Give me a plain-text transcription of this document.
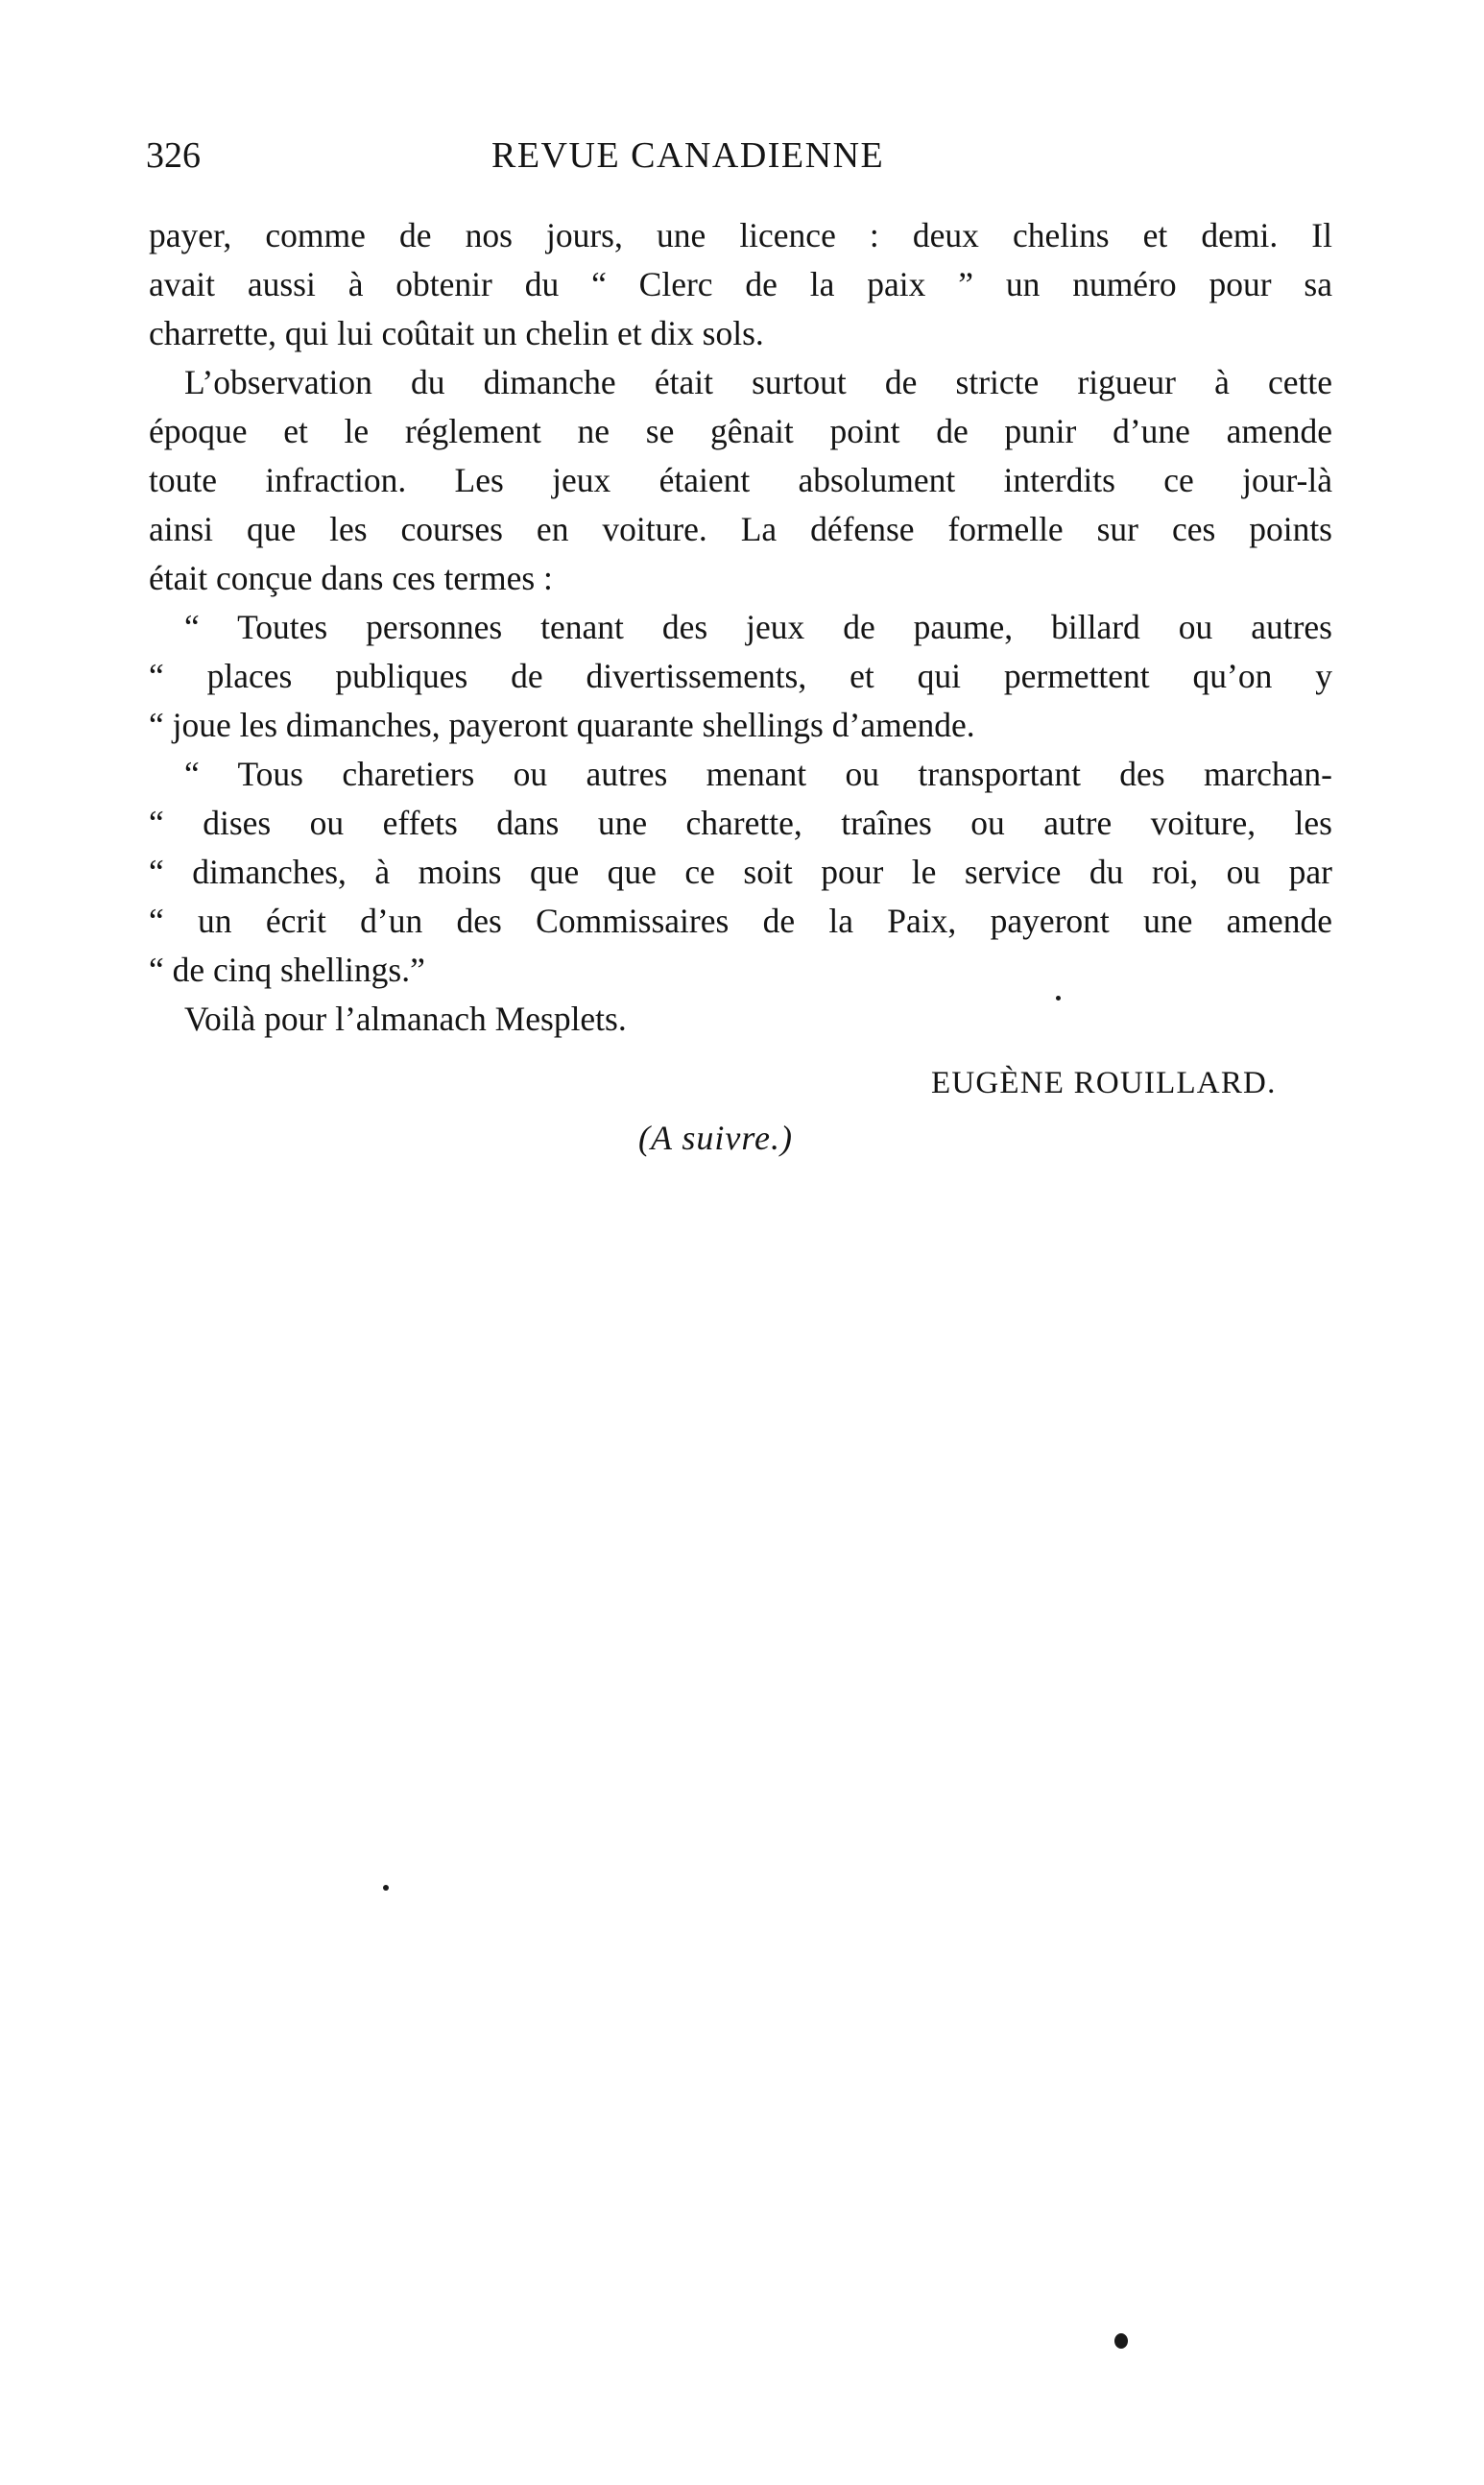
326	REVUE CANADIENNE
payer, comme de nos jours, une licence : deux chelins et demi. Il
avait aussi à obtenir du “ Clerc de la paix ” un numéro pour sa
charrette, qui lui coûtait un chelin et dix sols.
L’observation du dimanche était surtout de stricte rigueur à cette
époque et le réglement ne se gênait point de punir d’une amende
toute infraction. Les jeux étaient absolument interdits ce jour-là
ainsi que les courses en voiture. La défense formelle sur ces points
était conçue dans ces termes :
“ Toutes personnes tenant des jeux de paume, billard ou autres
“ places publiques de divertissements, et qui permettent qu’on y
“ joue les dimanches, payeront quarante shellings d’amende.
“ Tous charetiers ou autres menant ou transportant des marchan-
“ dises ou effets dans une charette, traînes ou autre voiture, les
“ dimanches, à moins que que ce soit pour le service du roi, ou par
“ un écrit d’un des Commissaires de la Paix, payeront une amende
“ de cinq shellings.”
Voilà pour l’almanach Mesplets.
EUGÈNE ROUILLARD.
(A suivre.)
